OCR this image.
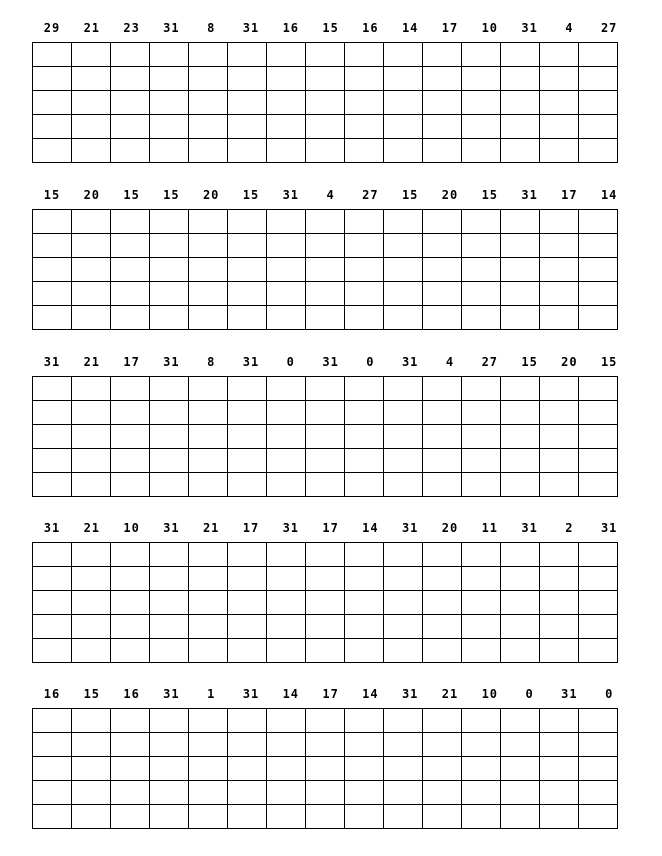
29	21	23	31	8	31	16	15	16	14	17	10	31	4	27

15	20	15	15	20	15	31	4	27	15	20	15	31	17	14

31	21	17	31	8	31	0	31	0	31	4	27	15	20	15

31	21	10	31	21	17	31	17	14	31	20	11	31	2	31

16	15	16	31	1	31	14	17	14	31	21	10	0	31	0
